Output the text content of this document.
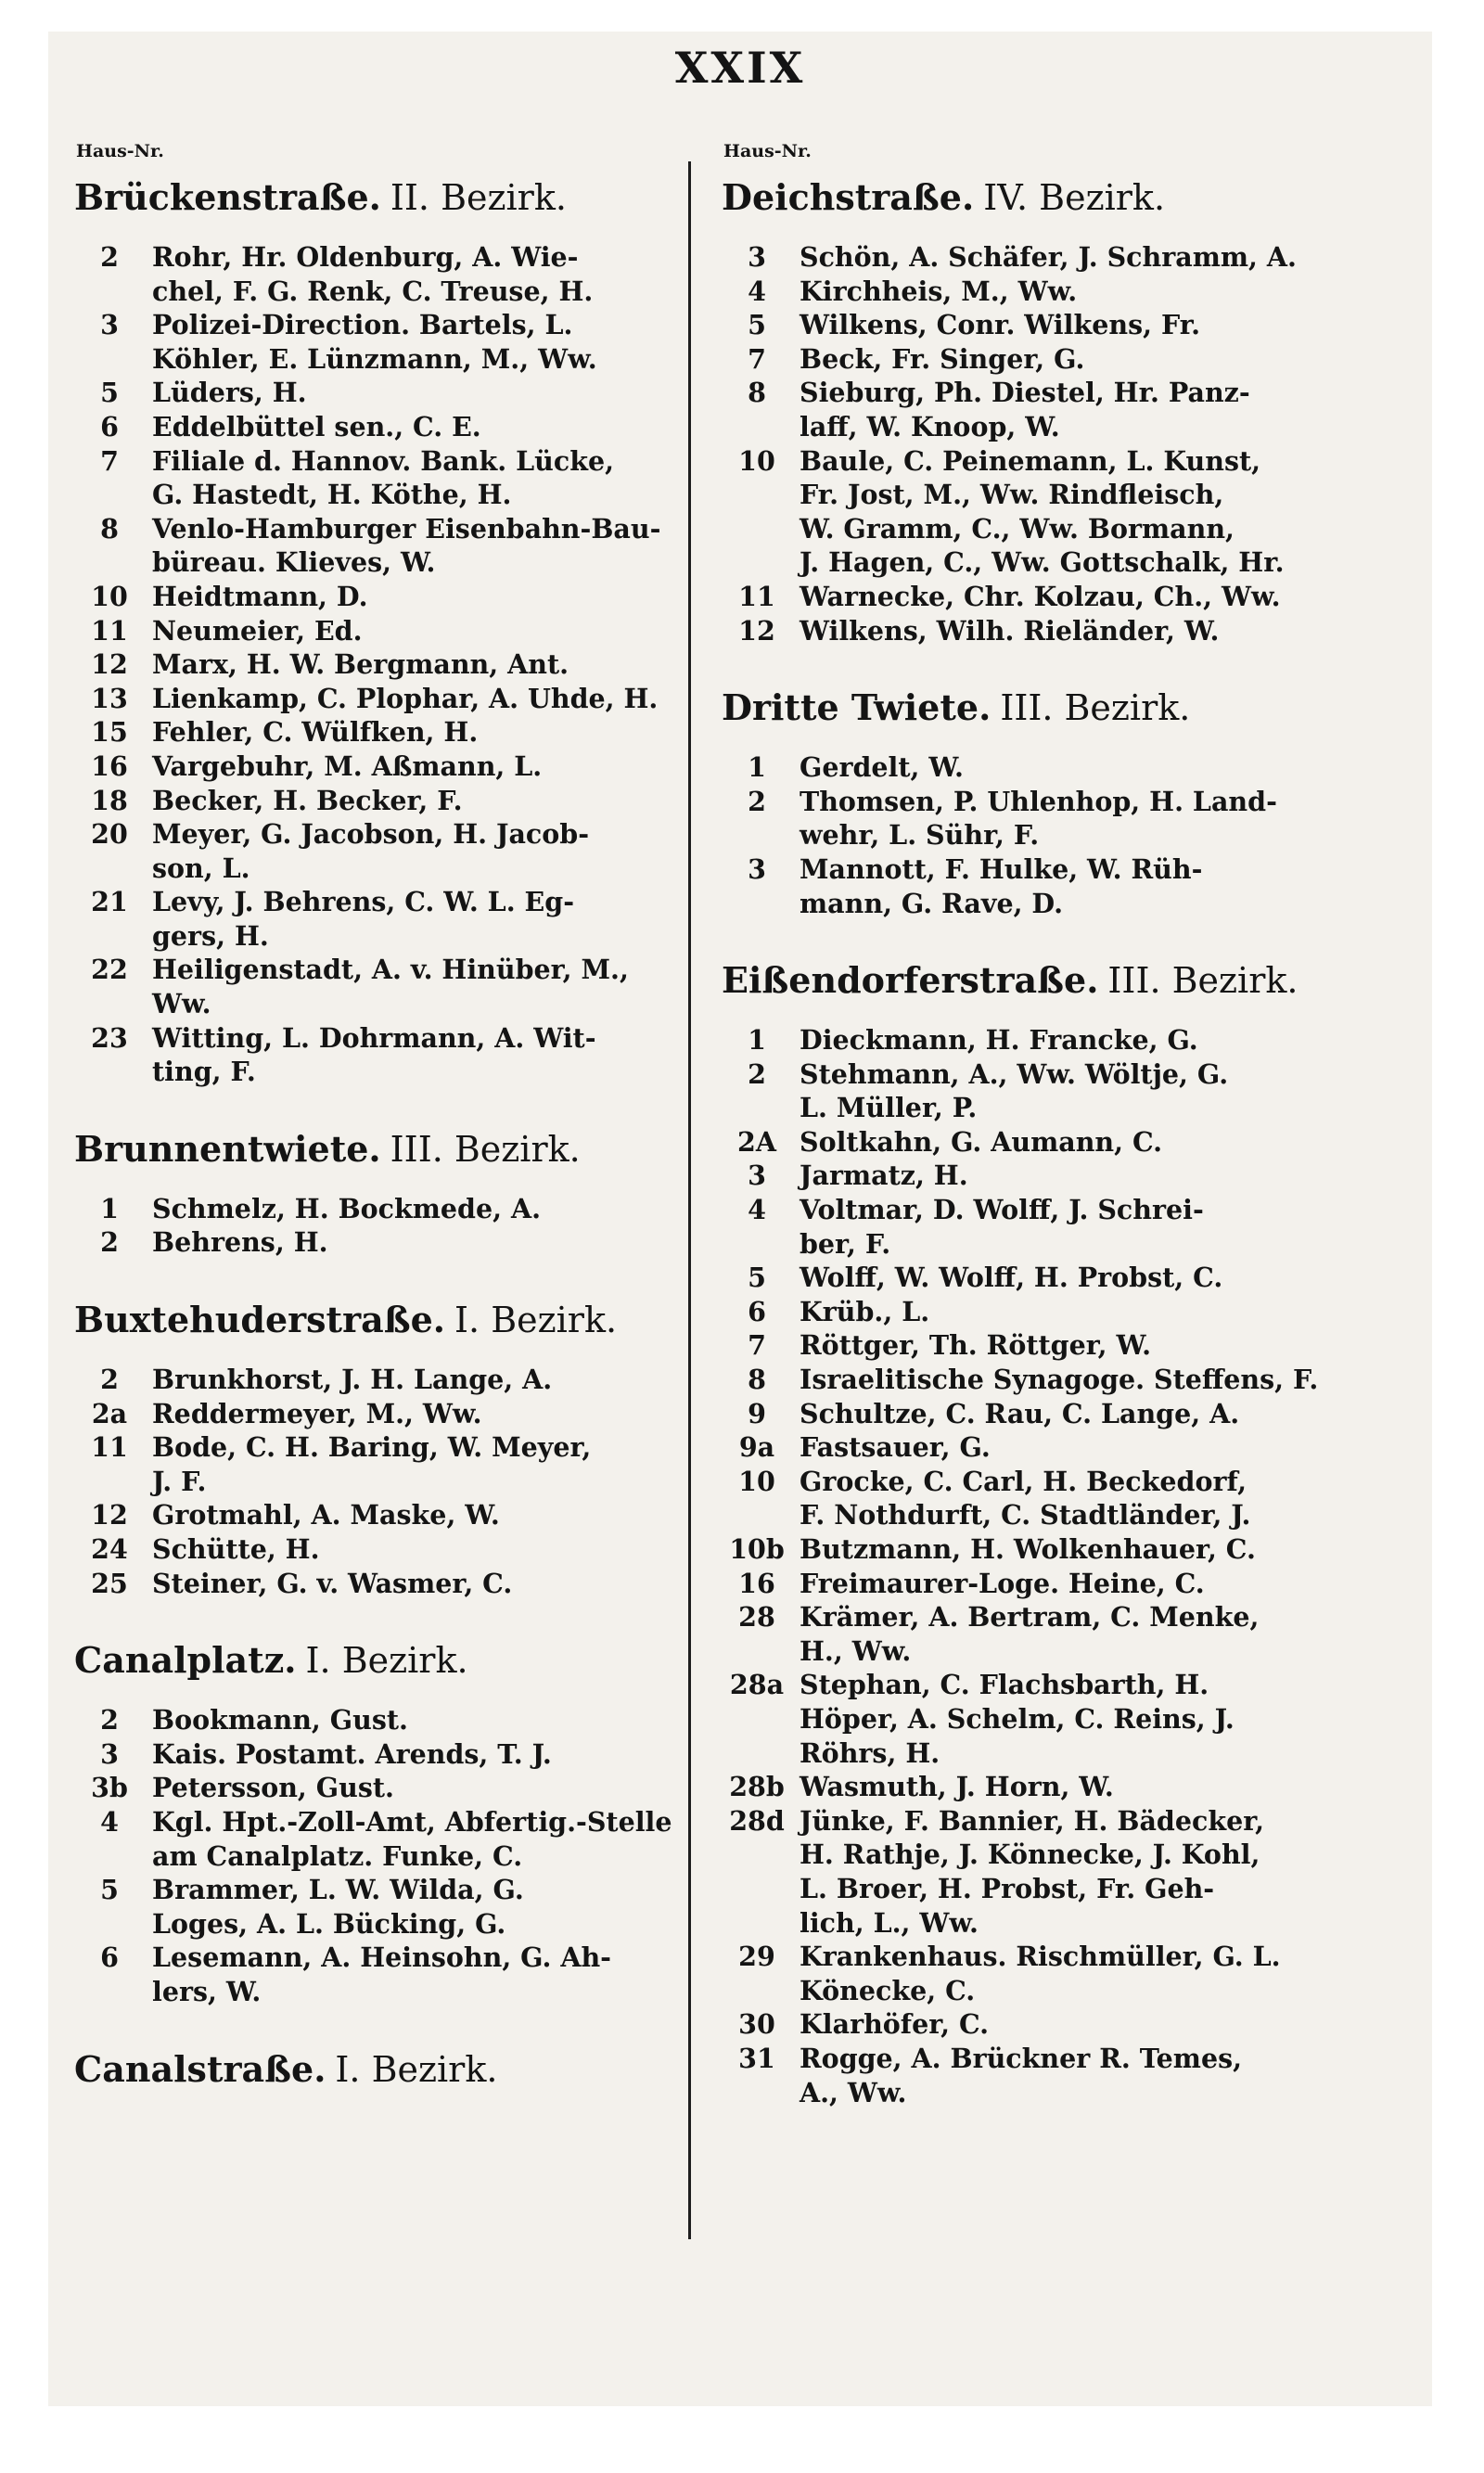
XXIX
Haus-Nr.
Brückenstraße. II. Bezirk.
2	Rohr, Hr. Oldenburg, A. Wie-
chel, F. G. Renk, C. Treuse, H.
3	Polizei-Direction. Bartels, L.
Köhler, E. Lünzmann, M., Ww.
5	Lüders, H.
6	Eddelbüttel sen., C. E.
7	Filiale d. Hannov. Bank. Lücke,
G. Hastedt, H. Köthe, H.
8	Venlo-Hamburger Eisenbahn-Bau-
büreau. Klieves, W.
10 Heidtmann, D.
11 Neumeier, Ed.
12 Marx, H. W. Bergmann, Ant.
13 Lienkamp, C. Plophar, A. Uhde, H.
15 Fehler, C. Wülfken, H.
16 Vargebuhr, M. Aßmann, L.
18 Becker, H. Becker, F.
20 Meyer, G. Jacobson, H. Jacob-
son, L.
21 Levy, J. Behrens, C. W. L. Eg-
gers, H.
22 Heiligenstadt, A. v. Hinüber, M.,
Ww.
23 Witting, L. Dohrmann, A. Wit-
ting, F.
Brunnentwiete. III. Bezirk.
1	Schmelz, H. Bockmede, A.
2	Behrens, H.
Buxtehuderstraße. I. Bezirk.
2	Brunkhorst, J. H. Lange, A.
2a Reddermeyer, M., Ww.
11 Bode, C. H. Baring, W. Meyer,
J. F.
12 Grotmahl, A. Maske, W.
24 Schütte, H.
25 Steiner, G. v. Wasmer, C.
Canalplatz. I. Bezirk.
2	Bookmann, Gust.
3	Kais. Postamt. Arends, T. J.
3b Petersson, Gust.
4	Kgl. Hpt.-Zoll-Amt, Abfertig.-Stelle
am Canalplatz. Funke, C.
5	Brammer, L. W. Wilda, G.
Loges, A. L. Bücking, G.
6	Lesemann, A. Heinsohn, G. Ah-
lers, W.
Canalstraße. I. Bezirk.
Haus-Nr.
Deichstraße. IV. Bezirk.
3	Schön, A. Schäfer, J. Schramm, A.
4	Kirchheis, M., Ww.
5	Wilkens, Conr. Wilkens, Fr.
7	Beck, Fr. Singer, G.
8	Sieburg, Ph. Diestel, Hr. Panz-
laff, W. Knoop, W.
10 Baule, C. Peinemann, L. Kunst,
Fr. Jost, M., Ww. Rindfleisch,
W. Gramm, C., Ww. Bormann,
J. Hagen, C., Ww. Gottschalk, Hr.
11 Warnecke, Chr. Kolzau, Ch., Ww.
12 Wilkens, Wilh. Rieländer, W.
Dritte Twiete. III. Bezirk.
1	Gerdelt, W.
2	Thomsen, P. Uhlenhop, H. Land-
wehr, L. Sühr, F.
3	Mannott, F. Hulke, W. Rüh-
mann, G. Rave, D.
Eißendorferstraße. III. Bezirk.
1	Dieckmann, H. Francke, G.
2	Stehmann, A., Ww. Wöltje, G.
L. Müller, P.
2A Soltkahn, G. Aumann, C.
3	Jarmatz, H.
4	Voltmar, D. Wolff, J. Schrei-
ber, F.
5	Wolff, W. Wolff, H. Probst, C.
6	Krüb., L.
7	Röttger, Th. Röttger, W.
8	Israelitische Synagoge. Steffens, F.
9	Schultze, C. Rau, C. Lange, A.
9a Fastsauer, G.
10 Grocke, C. Carl, H. Beckedorf,
F. Nothdurft, C. Stadtländer, J.
10b Butzmann, H. Wolkenhauer, C.
16 Freimaurer-Loge. Heine, C.
28 Krämer, A. Bertram, C. Menke,
H., Ww.
28a Stephan, C. Flachsbarth, H.
Höper, A. Schelm, C. Reins, J.
Röhrs, H.
28b Wasmuth, J. Horn, W.
28d Jünke, F. Bannier, H. Bädecker,
H. Rathje, J. Könnecke, J. Kohl,
L. Broer, H. Probst, Fr. Geh-
lich, L., Ww.
29 Krankenhaus. Rischmüller, G. L.
Könecke, C.
30 Klarhöfer, C.
31 Rogge, A. Brückner R. Temes,
A., Ww.
